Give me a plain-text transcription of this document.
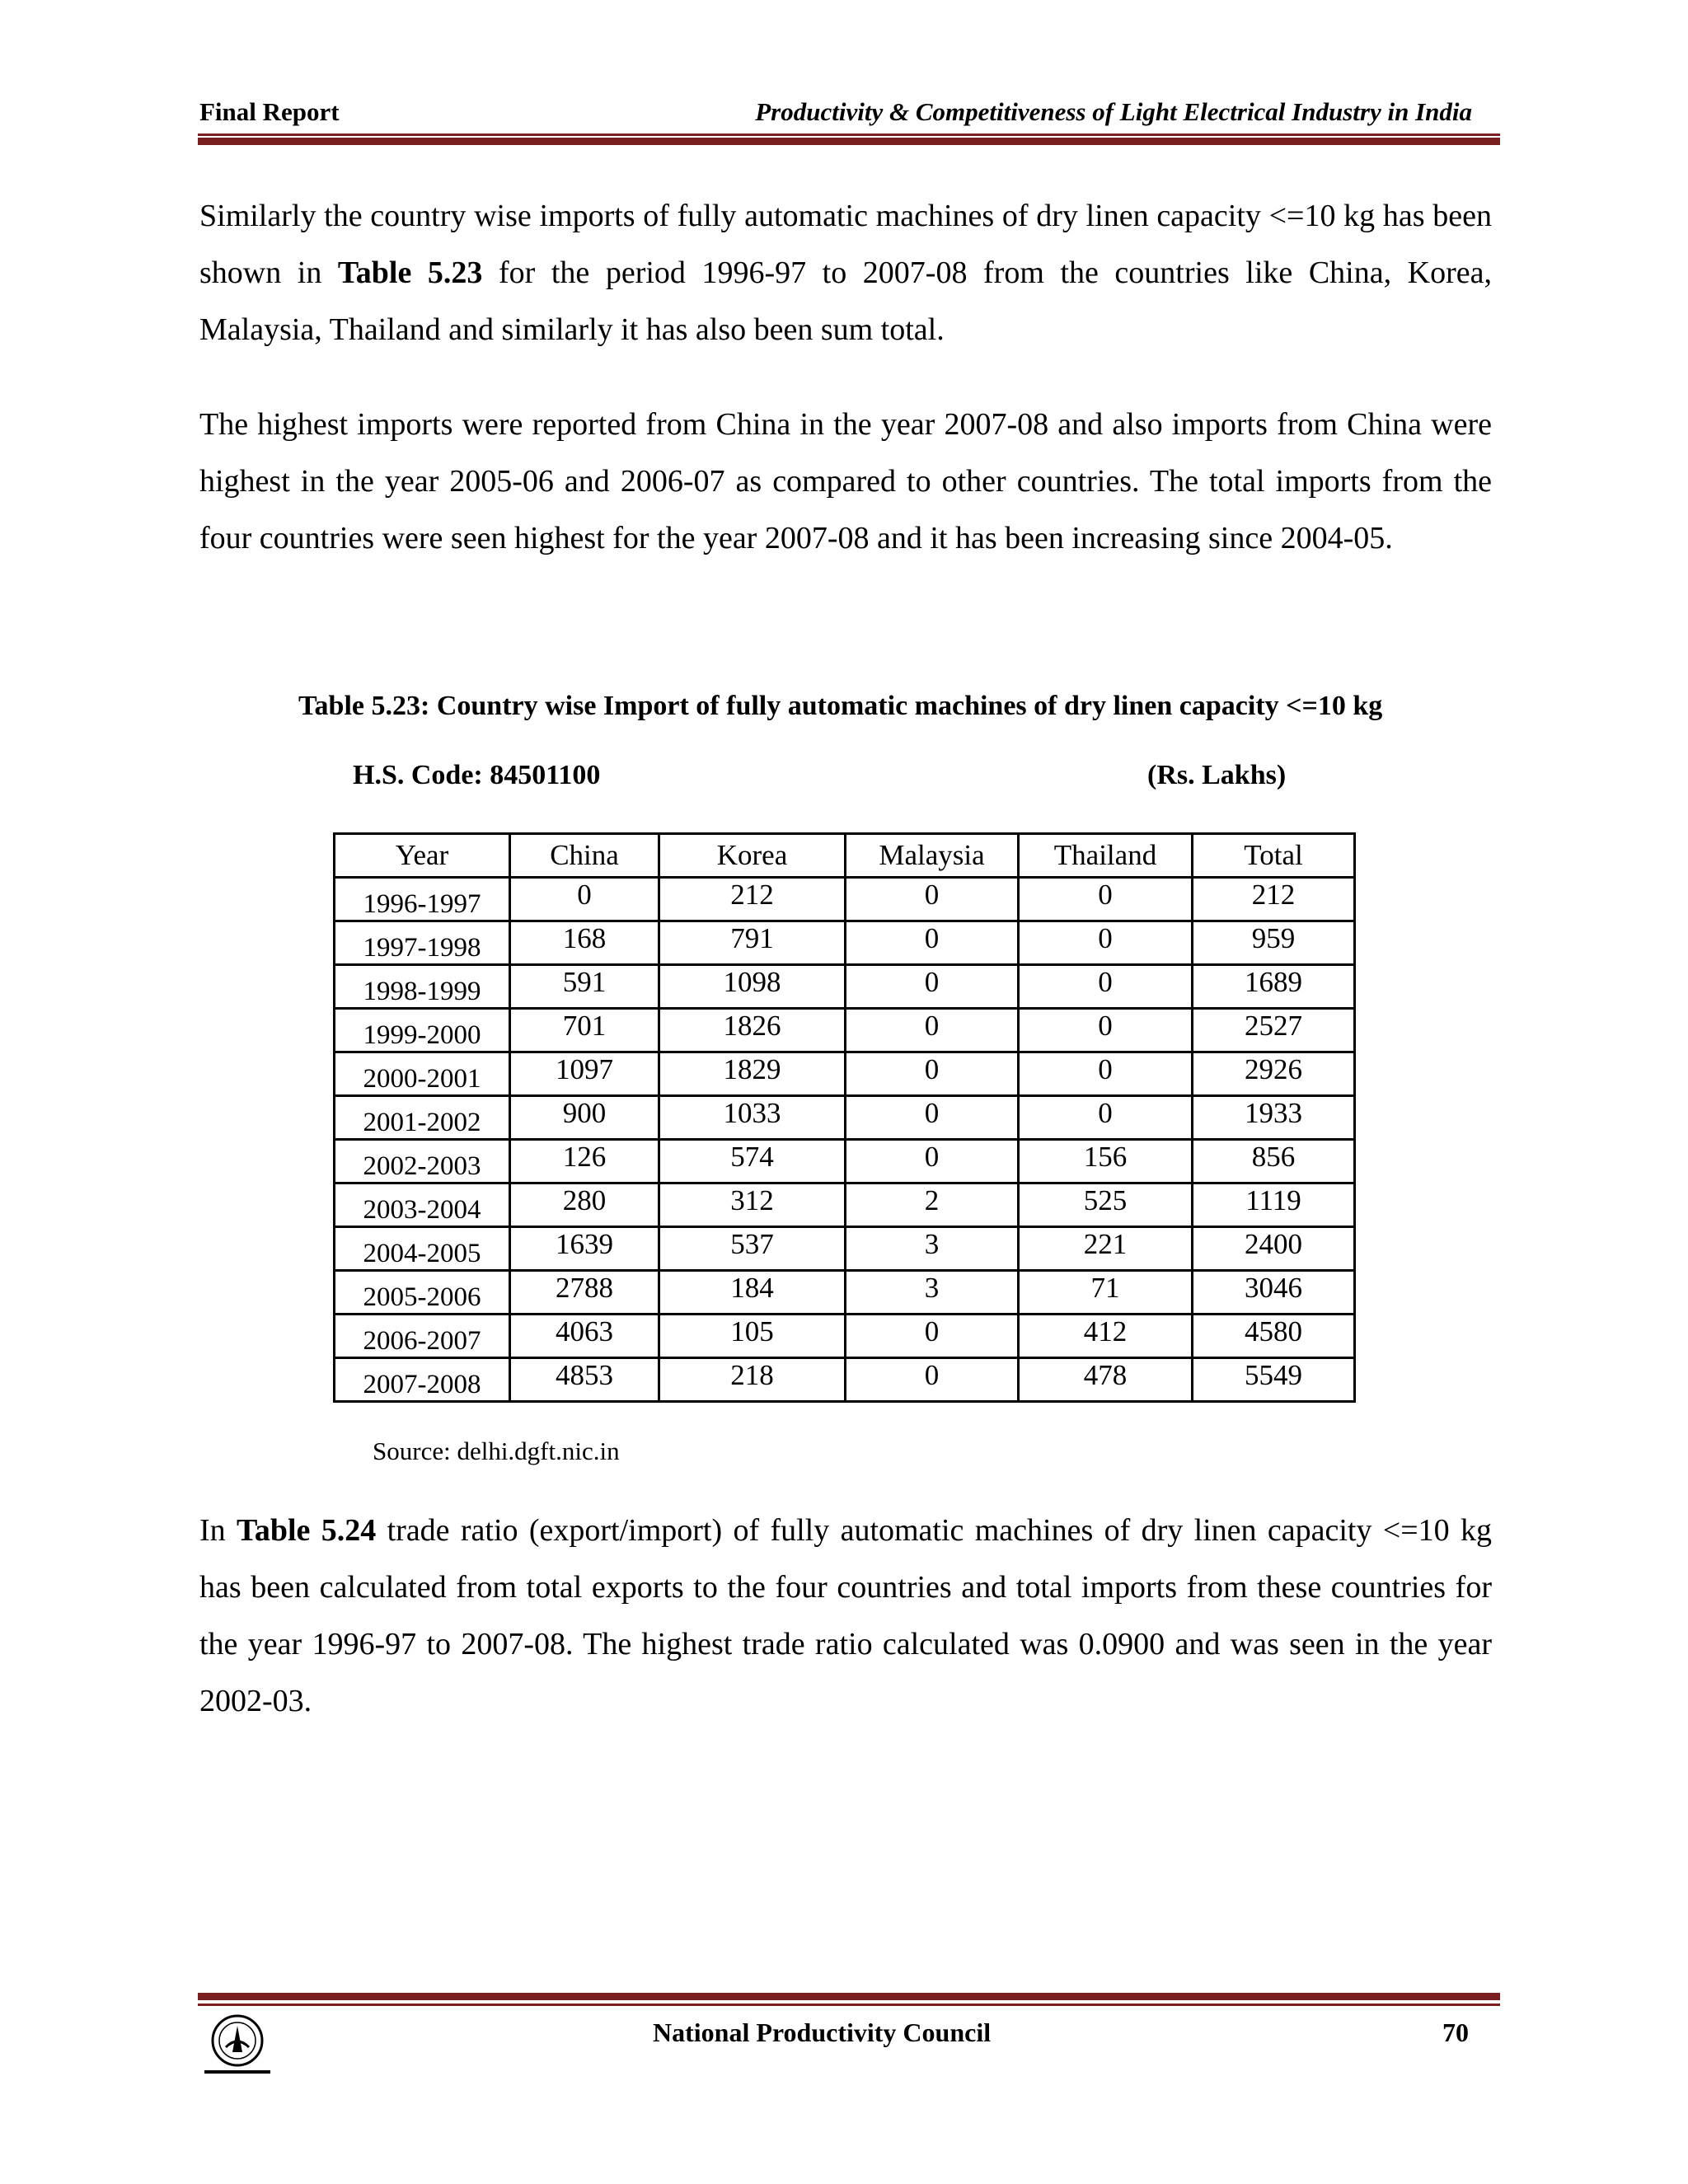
Final Report	Productivity & Competitiveness of Light Electrical Industry in India

Similarly the country wise imports of fully automatic machines of dry linen capacity <=10 kg has been shown in Table 5.23 for the period 1996-97 to 2007-08 from the countries like China, Korea, Malaysia, Thailand and similarly it has also been sum total.

The highest imports were reported from China in the year 2007-08 and also imports from China were highest in the year 2005-06 and 2006-07 as compared to other countries. The total imports from the four countries were seen highest for the year 2007-08 and it has been increasing since 2004-05.

Table 5.23: Country wise Import of fully automatic machines of dry linen capacity <=10 kg
H.S. Code: 84501100	(Rs. Lakhs)
Year	China	Korea	Malaysia	Thailand	Total
1996-1997	0	212	0	0	212
1997-1998	168	791	0	0	959
1998-1999	591	1098	0	0	1689
1999-2000	701	1826	0	0	2527
2000-2001	1097	1829	0	0	2926
2001-2002	900	1033	0	0	1933
2002-2003	126	574	0	156	856
2003-2004	280	312	2	525	1119
2004-2005	1639	537	3	221	2400
2005-2006	2788	184	3	71	3046
2006-2007	4063	105	0	412	4580
2007-2008	4853	218	0	478	5549
Source: delhi.dgft.nic.in

In Table 5.24 trade ratio (export/import) of fully automatic machines of dry linen capacity <=10 kg has been calculated from total exports to the four countries and total imports from these countries for the year 1996-97 to 2007-08. The highest trade ratio calculated was 0.0900 and was seen in the year 2002-03.

National Productivity Council	70
